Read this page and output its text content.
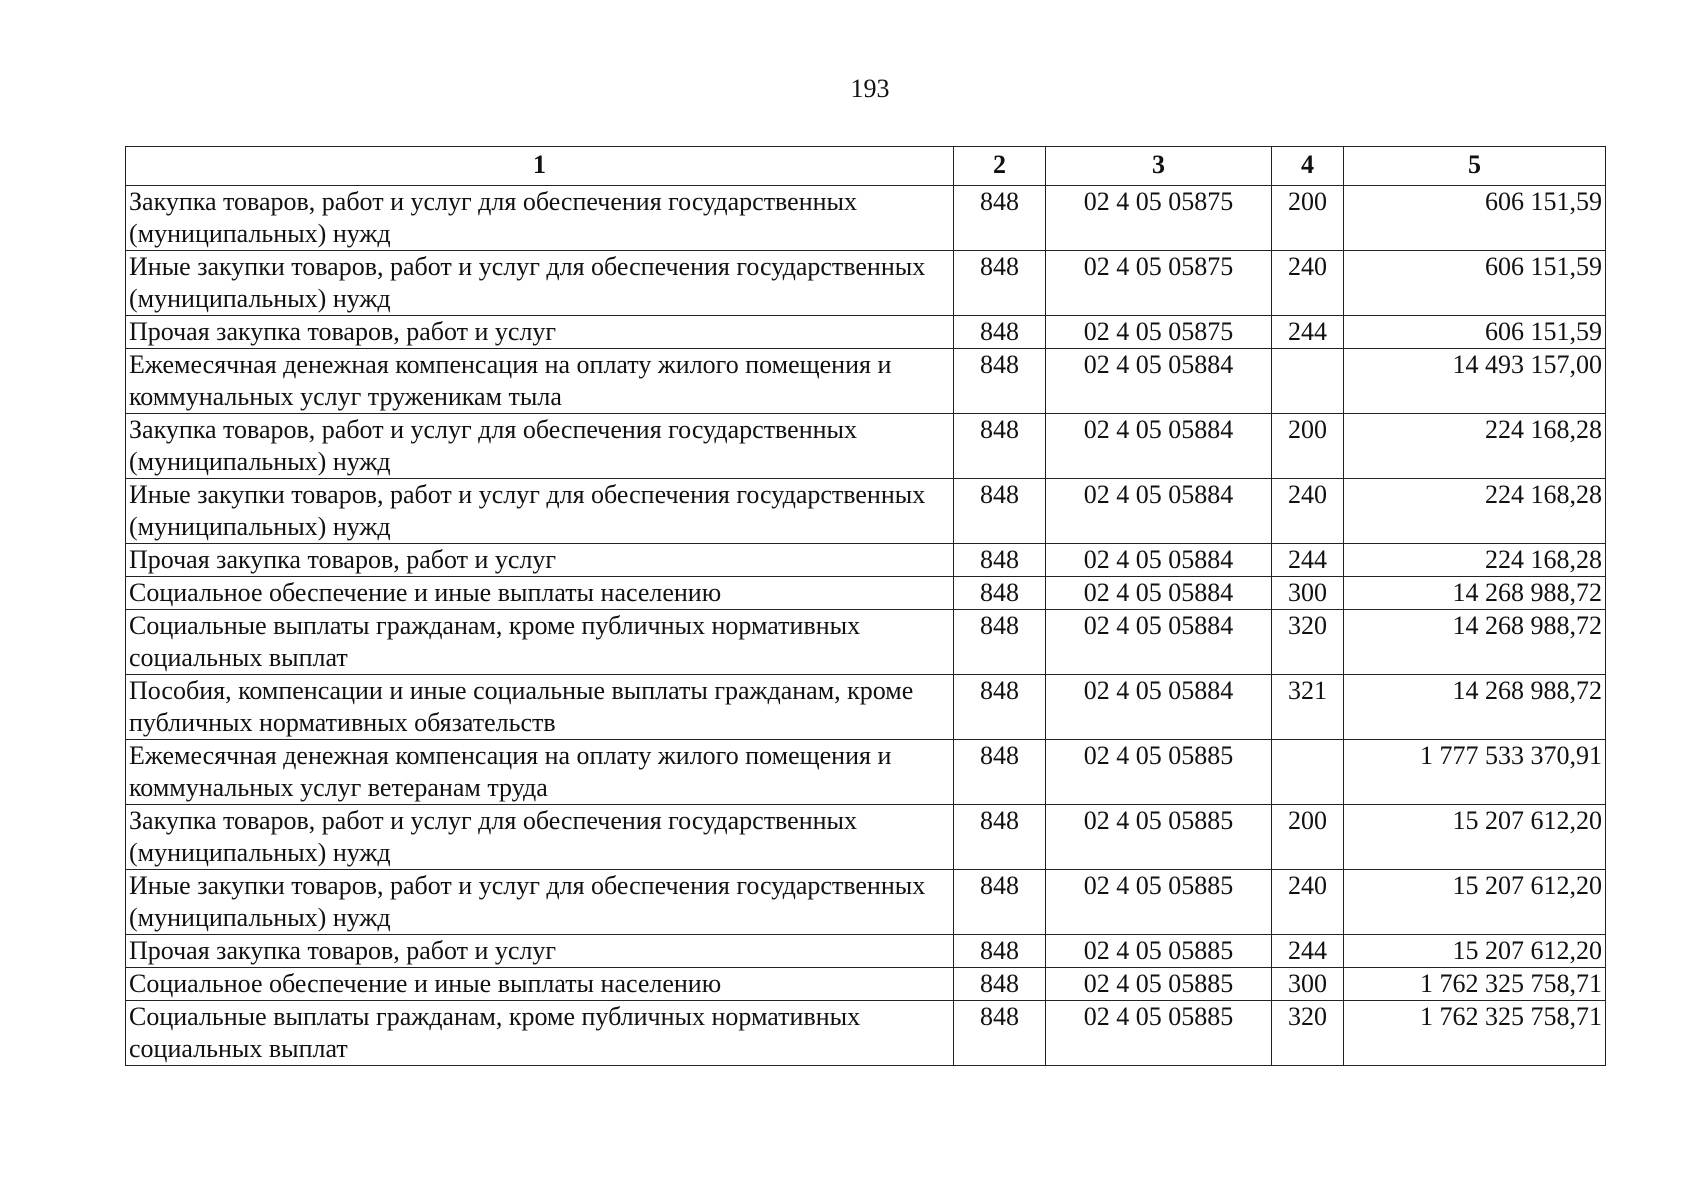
193
1	2	3	4	5
Закупка товаров, работ и услуг для обеспечения государственных (муниципальных) нужд	848	02 4 05 05875	200	606 151,59
Иные закупки товаров, работ и услуг для обеспечения государственных (муниципальных) нужд	848	02 4 05 05875	240	606 151,59
Прочая закупка товаров, работ и услуг	848	02 4 05 05875	244	606 151,59
Ежемесячная денежная компенсация на оплату жилого помещения и коммунальных услуг труженикам тыла	848	02 4 05 05884		14 493 157,00
Закупка товаров, работ и услуг для обеспечения государственных (муниципальных) нужд	848	02 4 05 05884	200	224 168,28
Иные закупки товаров, работ и услуг для обеспечения государственных (муниципальных) нужд	848	02 4 05 05884	240	224 168,28
Прочая закупка товаров, работ и услуг	848	02 4 05 05884	244	224 168,28
Социальное обеспечение и иные выплаты населению	848	02 4 05 05884	300	14 268 988,72
Социальные выплаты гражданам, кроме публичных нормативных социальных выплат	848	02 4 05 05884	320	14 268 988,72
Пособия, компенсации и иные социальные выплаты гражданам, кроме публичных нормативных обязательств	848	02 4 05 05884	321	14 268 988,72
Ежемесячная денежная компенсация на оплату жилого помещения и коммунальных услуг ветеранам труда	848	02 4 05 05885		1 777 533 370,91
Закупка товаров, работ и услуг для обеспечения государственных (муниципальных) нужд	848	02 4 05 05885	200	15 207 612,20
Иные закупки товаров, работ и услуг для обеспечения государственных (муниципальных) нужд	848	02 4 05 05885	240	15 207 612,20
Прочая закупка товаров, работ и услуг	848	02 4 05 05885	244	15 207 612,20
Социальное обеспечение и иные выплаты населению	848	02 4 05 05885	300	1 762 325 758,71
Социальные выплаты гражданам, кроме публичных нормативных социальных выплат	848	02 4 05 05885	320	1 762 325 758,71
